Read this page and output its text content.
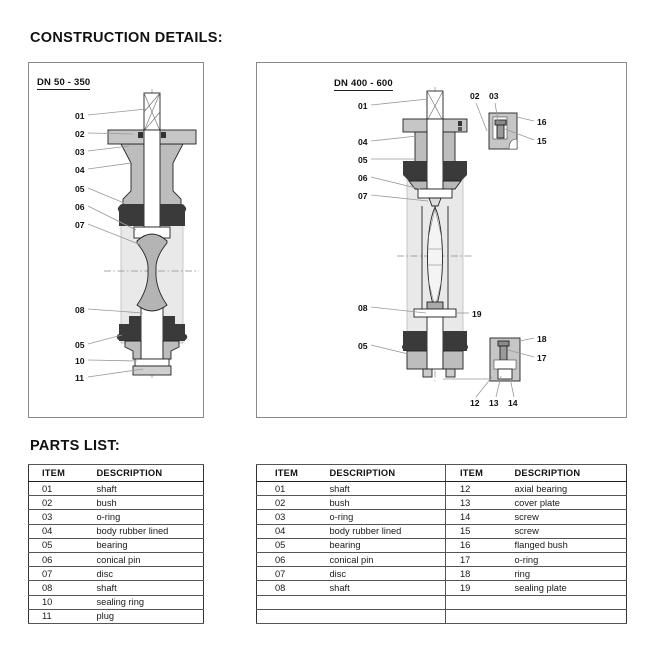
CONSTRUCTION DETAILS:
DN 50 - 350
01
02
03
04
05
06
07
08
05
10
11
DN 400 - 600
01
04
05
06
07
08
19
05
02 03
16
15
18
17
12 13 14
PARTS LIST:
ITEM	DESCRIPTION
01	shaft
02	bush
03	o-ring
04	body rubber lined
05	bearing
06	conical pin
07	disc
08	shaft
10	sealing ring
11	plug
ITEM	DESCRIPTION	ITEM	DESCRIPTION
01	shaft	12	axial bearing
02	bush	13	cover plate
03	o-ring	14	screw
04	body rubber lined	15	screw
05	bearing	16	flanged bush
06	conical pin	17	o-ring
07	disc	18	ring
08	shaft	19	sealing plate
